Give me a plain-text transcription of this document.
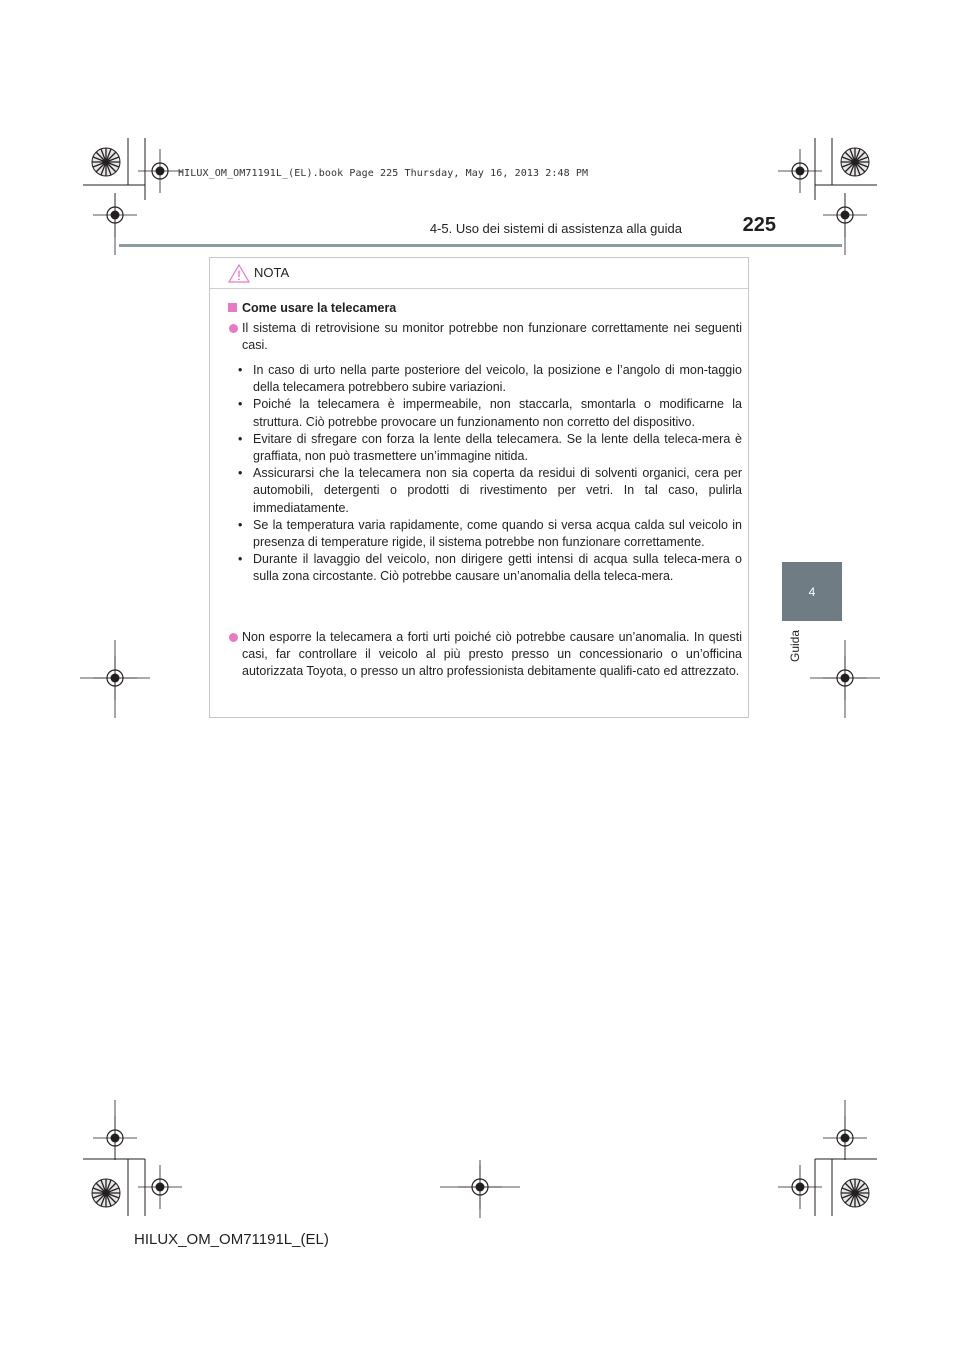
HILUX_OM_OM71191L_(EL).book Page 225 Thursday, May 16, 2013 2:48 PM
225
4-5. Uso dei sistemi di assistenza alla guida
4
Guida
NOTA
Come usare la telecamera

Il sistema di retrovisione su monitor potrebbe non funzionare correttamente nei seguenti casi.

• In caso di urto nella parte posteriore del veicolo, la posizione e l’angolo di mon-taggio della telecamera potrebbero subire variazioni.
• Poiché la telecamera è impermeabile, non staccarla, smontarla o modificarne la struttura. Ciò potrebbe provocare un funzionamento non corretto del dispositivo.
• Evitare di sfregare con forza la lente della telecamera. Se la lente della teleca-mera è graffiata, non può trasmettere un’immagine nitida.
• Assicurarsi che la telecamera non sia coperta da residui di solventi organici, cera per automobili, detergenti o prodotti di rivestimento per vetri. In tal caso, pulirla immediatamente.
• Se la temperatura varia rapidamente, come quando si versa acqua calda sul veicolo in presenza di temperature rigide, il sistema potrebbe non funzionare correttamente.
• Durante il lavaggio del veicolo, non dirigere getti intensi di acqua sulla teleca-mera o sulla zona circostante. Ciò potrebbe causare un’anomalia della teleca-mera.

Non esporre la telecamera a forti urti poiché ciò potrebbe causare un’anomalia. In questi casi, far controllare il veicolo al più presto presso un concessionario o un’officina autorizzata Toyota, o presso un altro professionista debitamente qualifi-cato ed attrezzato.

HILUX_OM_OM71191L_(EL)
